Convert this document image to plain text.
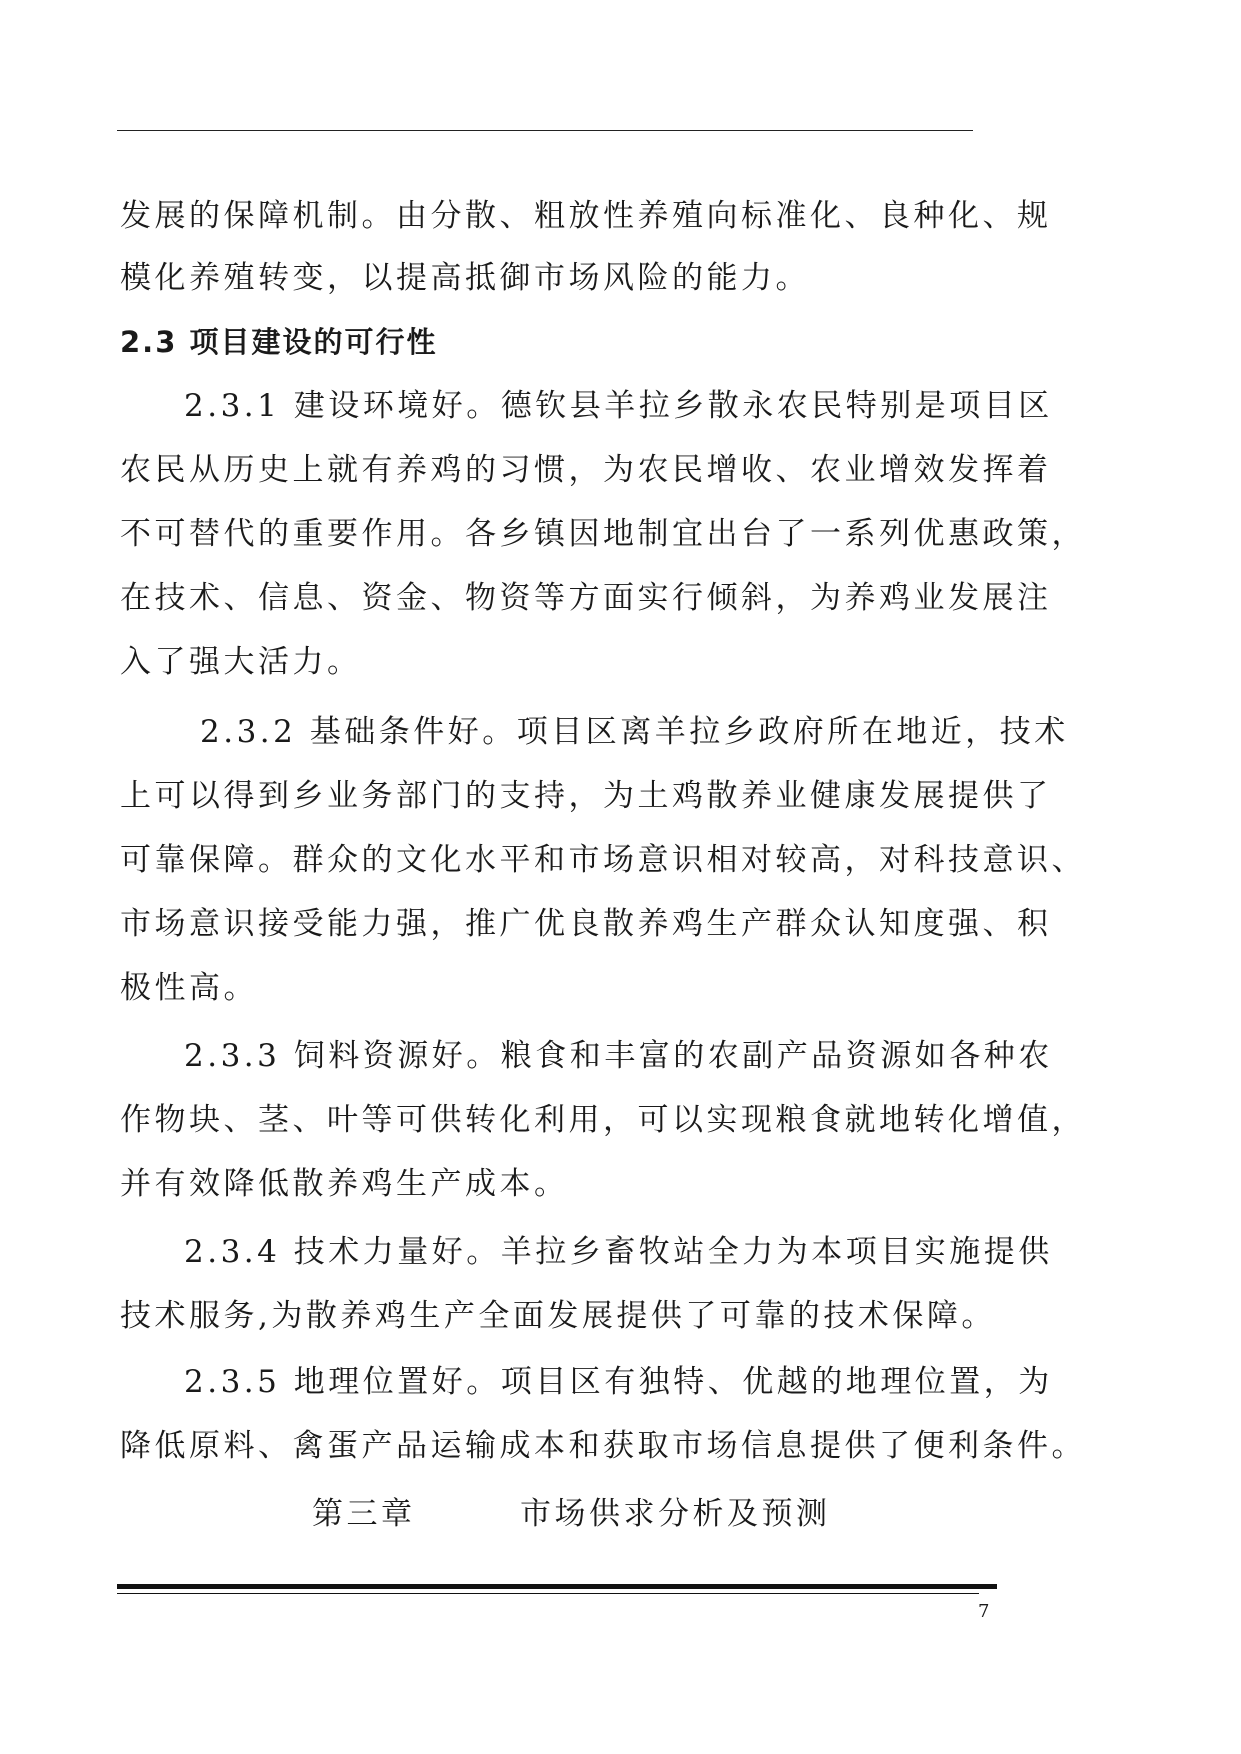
发展的保障机制。由分散、粗放性养殖向标准化、良种化、规
模化养殖转变，以提高抵御市场风险的能力。
2.3 项目建设的可行性
2.3.1 建设环境好。德钦县羊拉乡散永农民特别是项目区
农民从历史上就有养鸡的习惯，为农民增收、农业增效发挥着
不可替代的重要作用。各乡镇因地制宜出台了一系列优惠政策，
在技术、信息、资金、物资等方面实行倾斜，为养鸡业发展注
入了强大活力。
2.3.2 基础条件好。项目区离羊拉乡政府所在地近，技术
上可以得到乡业务部门的支持，为土鸡散养业健康发展提供了
可靠保障。群众的文化水平和市场意识相对较高，对科技意识、
市场意识接受能力强，推广优良散养鸡生产群众认知度强、积
极性高。
2.3.3 饲料资源好。粮食和丰富的农副产品资源如各种农
作物块、茎、叶等可供转化利用，可以实现粮食就地转化增值，
并有效降低散养鸡生产成本。
2.3.4 技术力量好。羊拉乡畜牧站全力为本项目实施提供
技术服务,为散养鸡生产全面发展提供了可靠的技术保障。
2.3.5 地理位置好。项目区有独特、优越的地理位置，为
降低原料、禽蛋产品运输成本和获取市场信息提供了便利条件。
第三章	市场供求分析及预测
7
